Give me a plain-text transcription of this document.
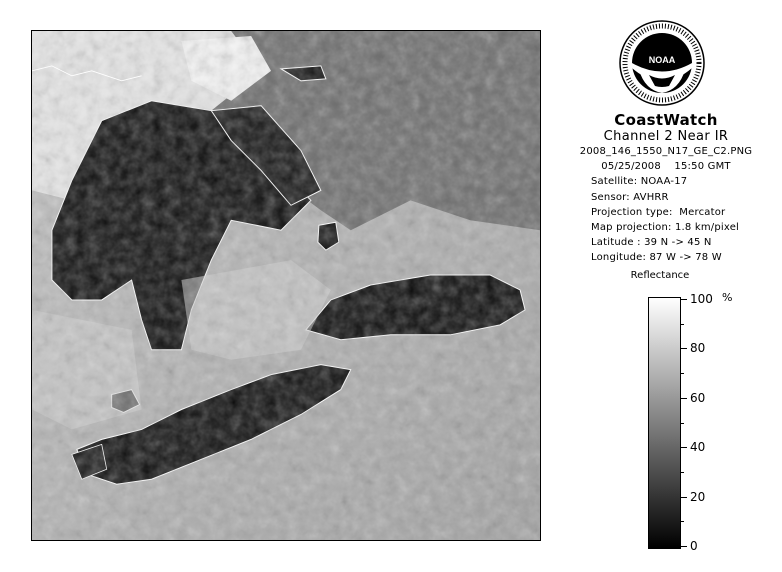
NOAA
CoastWatch
Channel 2 Near IR
2008_146_1550_N17_GE_C2.PNG
05/25/2008    15:50 GMT
Satellite: NOAA-17
Sensor: AVHRR
Projection type:  Mercator
Map projection: 1.8 km/pixel
Latitude : 39 N -> 45 N
Longitude: 87 W -> 78 W
Reflectance
%
100
80
60
40
20
0
